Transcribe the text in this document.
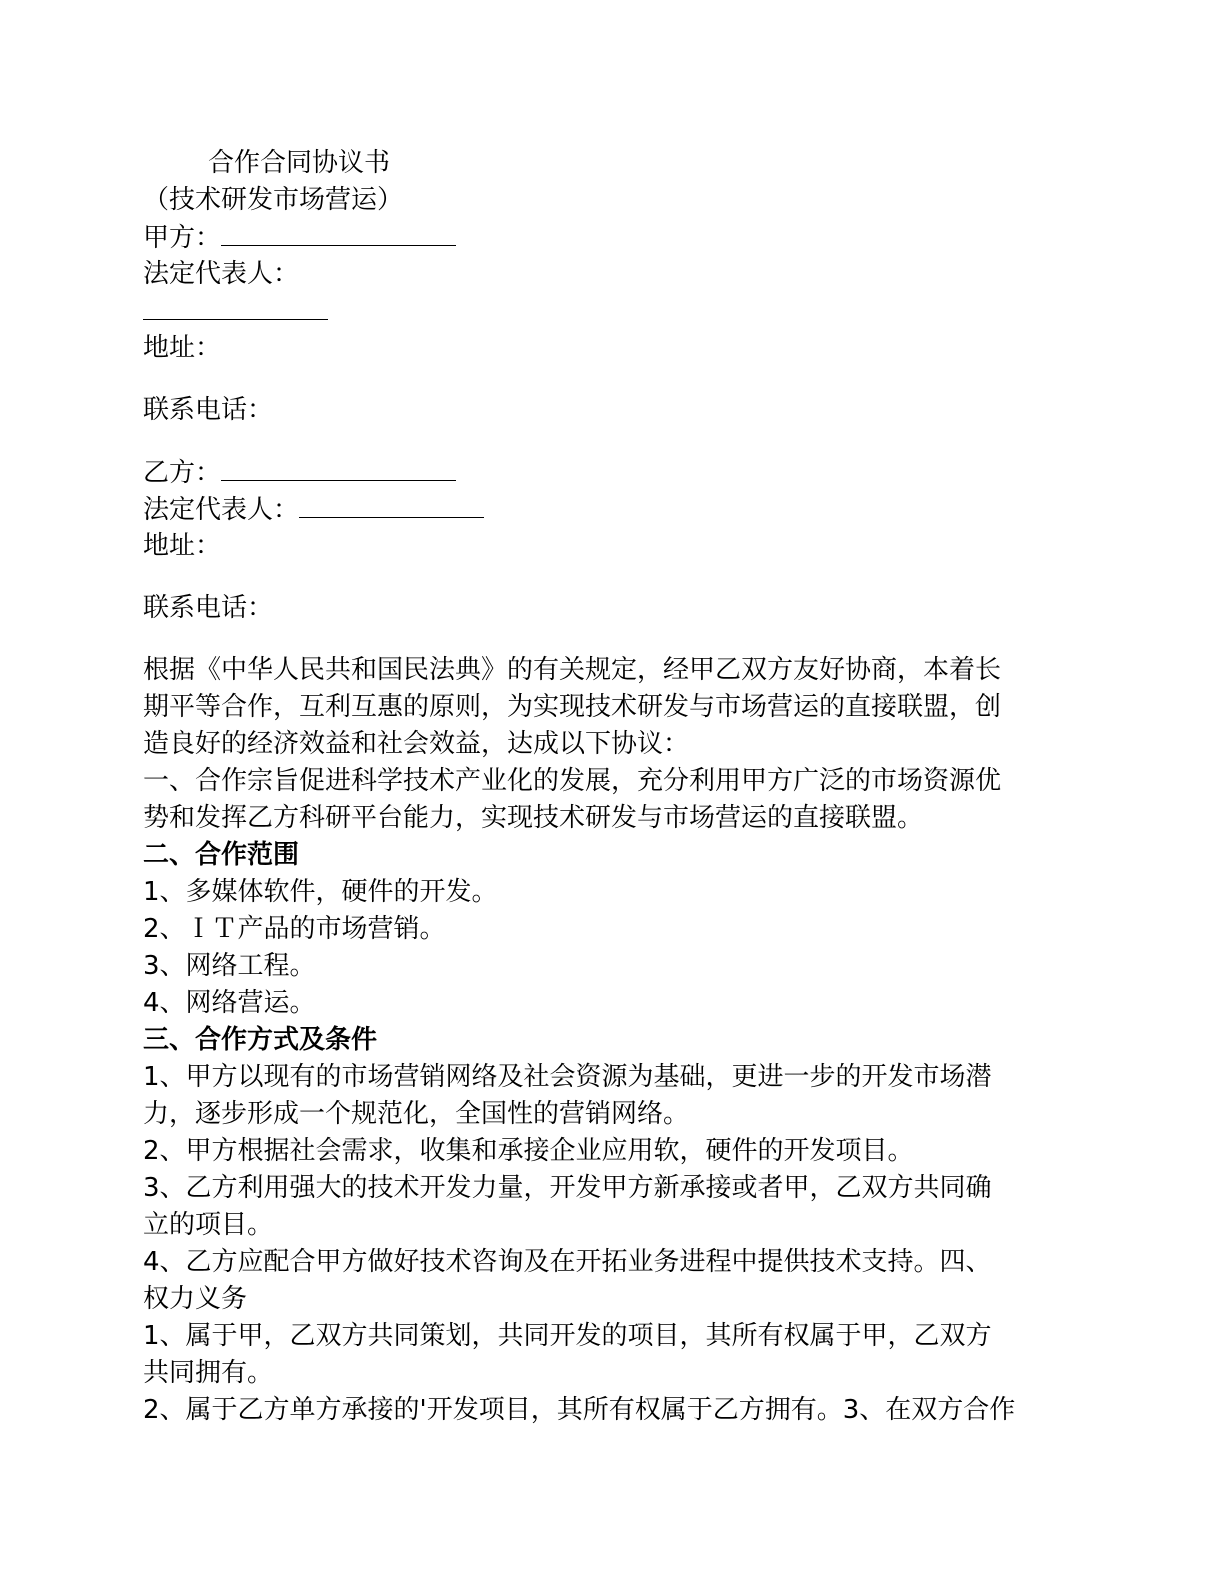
合作合同协议书
（技术研发市场营运）
甲方：
法定代表人：
地址：
联系电话：
乙方：
法定代表人：
地址：
联系电话：
根据《中华人民共和国民法典》的有关规定，经甲乙双方友好协商，本着长
期平等合作，互利互惠的原则，为实现技术研发与市场营运的直接联盟，创
造良好的经济效益和社会效益，达成以下协议：
一、合作宗旨促进科学技术产业化的发展，充分利用甲方广泛的市场资源优
势和发挥乙方科研平台能力，实现技术研发与市场营运的直接联盟。
二、合作范围
1、多媒体软件，硬件的开发。
2、ＩＴ产品的市场营销。
3、网络工程。
4、网络营运。
三、合作方式及条件
1、甲方以现有的市场营销网络及社会资源为基础，更进一步的开发市场潜
力，逐步形成一个规范化，全国性的营销网络。
2、甲方根据社会需求，收集和承接企业应用软，硬件的开发项目。
3、乙方利用强大的技术开发力量，开发甲方新承接或者甲，乙双方共同确
立的项目。
4、乙方应配合甲方做好技术咨询及在开拓业务进程中提供技术支持。四、
权力义务
1、属于甲，乙双方共同策划，共同开发的项目，其所有权属于甲，乙双方
共同拥有。
2、属于乙方单方承接的'开发项目，其所有权属于乙方拥有。3、在双方合作
